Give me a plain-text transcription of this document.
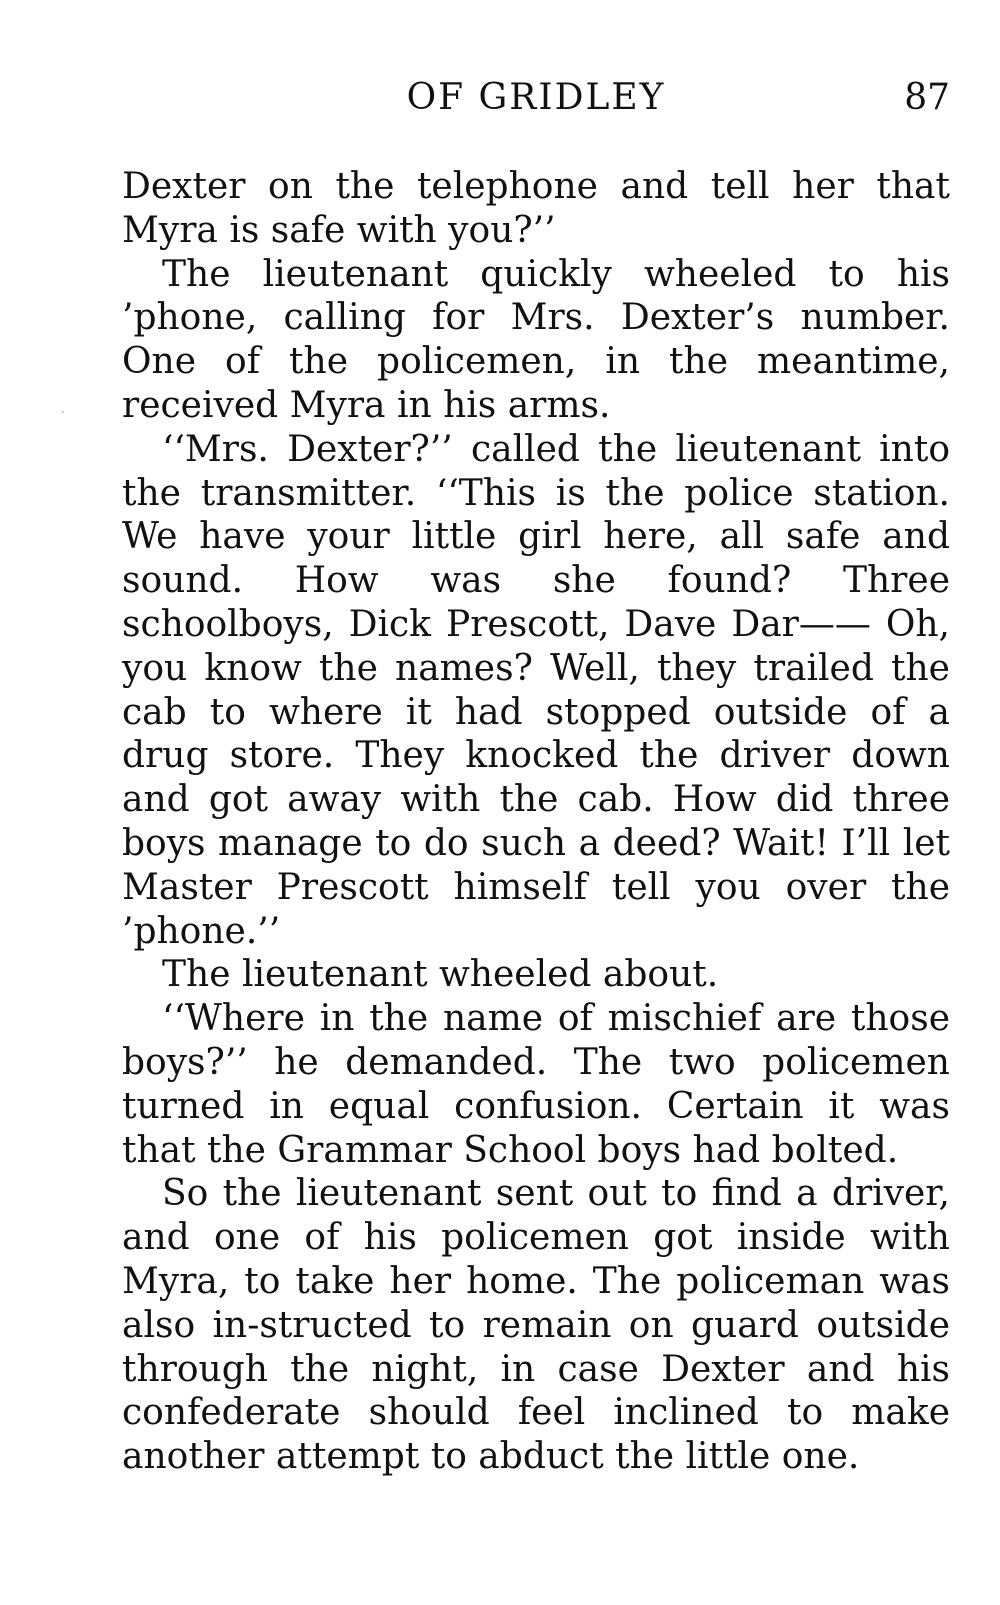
OF GRIDLEY	87

Dexter on the telephone and tell her that Myra is safe with you?’’

The lieutenant quickly wheeled to his ’phone, calling for Mrs. Dexter’s number. One of the policemen, in the meantime, received Myra in his arms.

‘‘Mrs. Dexter?’’ called the lieutenant into the transmitter. ‘‘This is the police station. We have your little girl here, all safe and sound. How was she found? Three schoolboys, Dick Prescott, Dave Dar—— Oh, you know the names? Well, they trailed the cab to where it had stopped outside of a drug store. They knocked the driver down and got away with the cab. How did three boys manage to do such a deed? Wait! I’ll let Master Prescott himself tell you over the ’phone.’’

The lieutenant wheeled about.

‘‘Where in the name of mischief are those boys?’’ he demanded. The two policemen turned in equal confusion. Certain it was that the Grammar School boys had bolted.

So the lieutenant sent out to find a driver, and one of his policemen got inside with Myra, to take her home. The policeman was also in-structed to remain on guard outside through the night, in case Dexter and his confederate should feel inclined to make another attempt to abduct the little one.
